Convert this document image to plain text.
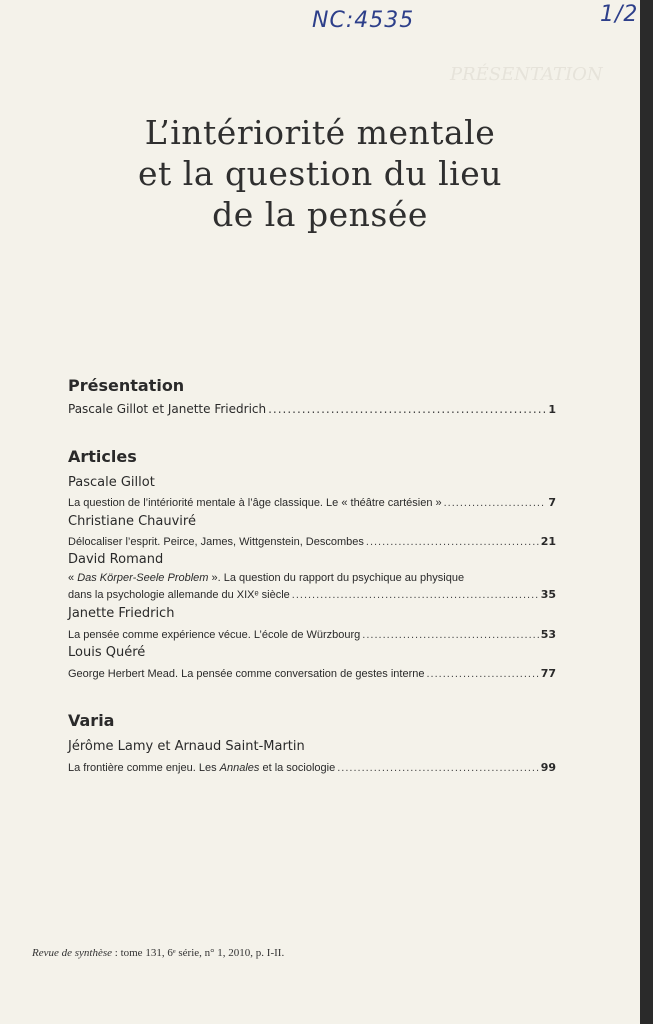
PRÉSENTATION
NC:4535	1/2
L’intériorité mentale
et la question du lieu
de la pensée
Présentation
Pascale Gillot et Janette Friedrich .....	1
Articles
Pascale Gillot
La question de l’intériorité mentale à l’âge classique. Le « théâtre cartésien » .....	7
Christiane Chauviré
Délocaliser l’esprit. Peirce, James, Wittgenstein, Descombes .....	21
David Romand
« Das Körper-Seele Problem ». La question du rapport du psychique au physique
dans la psychologie allemande du XIXᵉ siècle .....	35
Janette Friedrich
La pensée comme expérience vécue. L’école de Würzbourg .....	53
Louis Quéré
George Herbert Mead. La pensée comme conversation de gestes interne .....	77
Varia
Jérôme Lamy et Arnaud Saint-Martin
La frontière comme enjeu. Les Annales et la sociologie .....	99
Revue de synthèse : tome 131, 6ᵉ série, n° 1, 2010, p. I-II.
